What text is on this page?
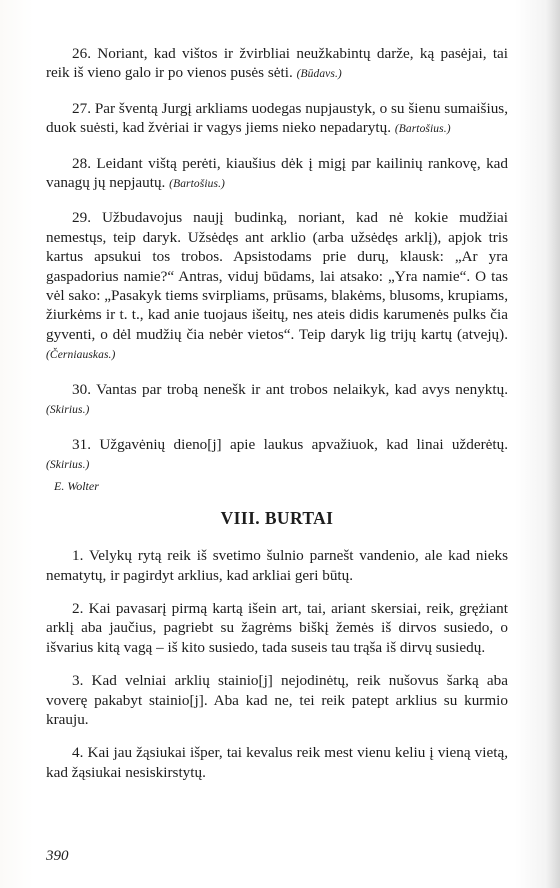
26. Noriant, kad vištos ir žvirbliai neužkabintų darže, ką pasėjai, tai reik iš vieno galo ir po vienos pusės sėti. (Būdavs.)

27. Par šventą Jurgį arkliams uodegas nupjaustyk, o su šienu sumaišius, duok suėsti, kad žvėriai ir vagys jiems nieko nepadarytų. (Bartošius.)

28. Leidant vištą perėti, kiaušius dėk į migį par kailinių rankovę, kad vanagų jų nepjautų. (Bartošius.)

29. Užbudavojus naujį budinką, noriant, kad nė kokie mudžiai nemestųs, teip daryk. Užsėdęs ant arklio (arba užsėdęs arklį), apjok tris kartus apsukui tos trobos. Apsistodams prie durų, klausk: „Ar yra gaspadorius namie?“ Antras, viduj būdams, lai atsako: „Yra namie“. O tas vėl sako: „Pasakyk tiems svirpliams, prūsams, blakėms, blusoms, krupiams, žiurkėms ir t. t., kad anie tuojaus išeitų, nes ateis didis karumenės pulks čia gyventi, o dėl mudžių čia nebėr vietos“. Teip daryk lig trijų kartų (atvejų). (Černiauskas.)

30. Vantas par trobą nenešk ir ant trobos nelaikyk, kad avys nenyktų. (Skirius.)

31. Užgavėnių dieno[j] apie laukus apvažiuok, kad linai užderėtų. (Skirius.)

E. Wolter

VIII. BURTAI

1. Velykų rytą reik iš svetimo šulnio parnešt vandenio, ale kad nieks nematytų, ir pagirdyt arklius, kad arkliai geri būtų.

2. Kai pavasarį pirmą kartą išein art, tai, ariant skersiai, reik, grężiant arklį aba jaučius, pagriebt su žagrėms biškį žemės iš dirvos susiedo, o išvarius kitą vagą – iš kito susiedo, tada suseis tau trąša iš dirvų susiedų.

3. Kad velniai arklių stainio[j] nejodinėtų, reik nušovus šarką aba voverę pakabyt stainio[j]. Aba kad ne, tei reik patept arklius su kurmio krauju.

4. Kai jau žąsiukai išper, tai kevalus reik mest vienu keliu į vieną vietą, kad žąsiukai nesiskirstytų.

390
